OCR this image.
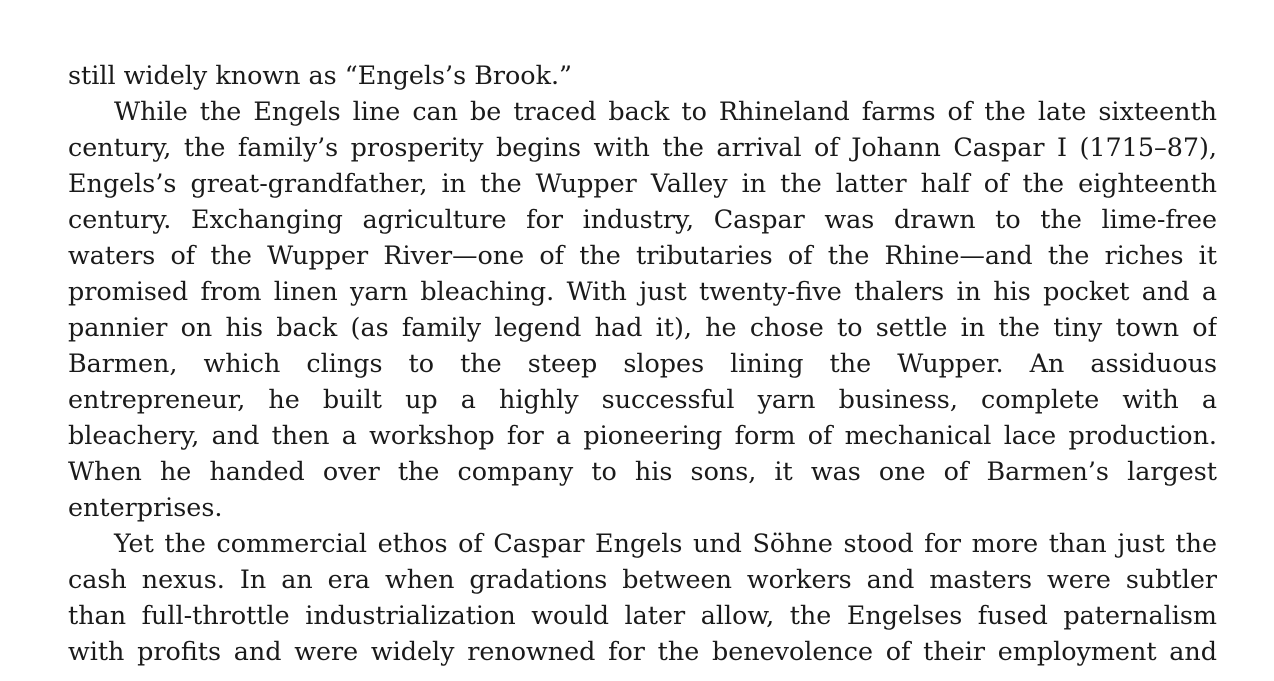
still widely known as “Engels’s Brook.”
While the Engels line can be traced back to Rhineland farms of the late sixteenth
century, the family’s prosperity begins with the arrival of Johann Caspar I (1715–87),
Engels’s great-grandfather, in the Wupper Valley in the latter half of the eighteenth
century. Exchanging agriculture for industry, Caspar was drawn to the lime-free
waters of the Wupper River—one of the tributaries of the Rhine—and the riches it
promised from linen yarn bleaching. With just twenty-five thalers in his pocket and a
pannier on his back (as family legend had it), he chose to settle in the tiny town of
Barmen, which clings to the steep slopes lining the Wupper. An assiduous
entrepreneur, he built up a highly successful yarn business, complete with a
bleachery, and then a workshop for a pioneering form of mechanical lace production.
When he handed over the company to his sons, it was one of Barmen’s largest
enterprises.
Yet the commercial ethos of Caspar Engels und Söhne stood for more than just the
cash nexus. In an era when gradations between workers and masters were subtler
than full-throttle industrialization would later allow, the Engelses fused paternalism
with profits and were widely renowned for the benevolence of their employment and
